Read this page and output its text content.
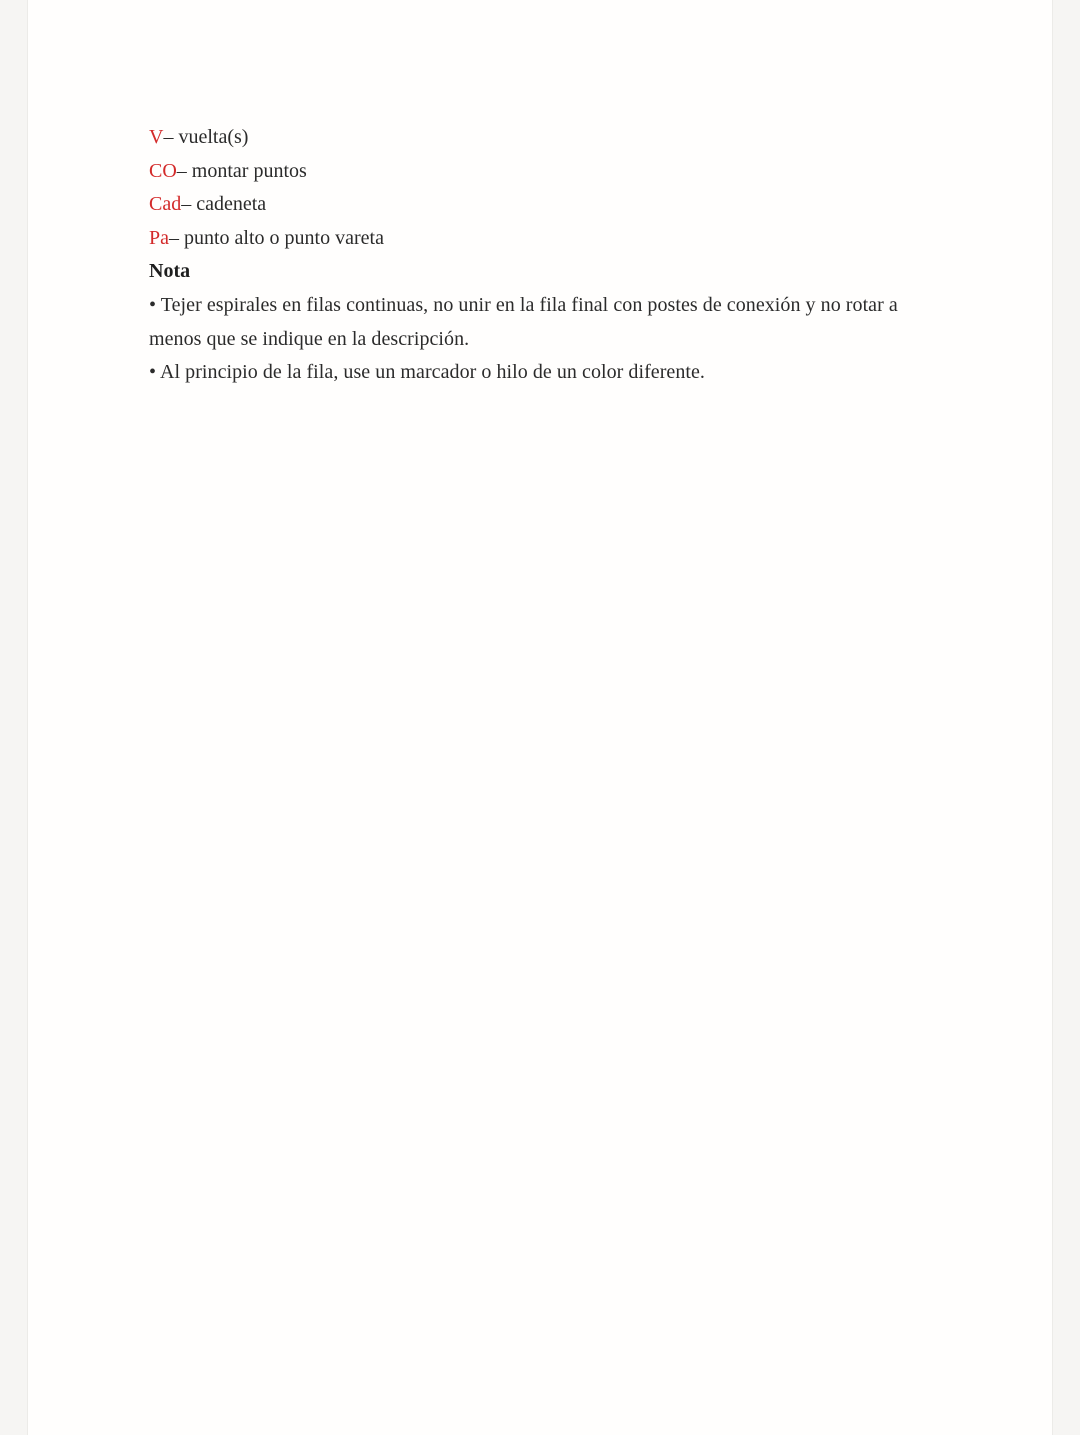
V– vuelta(s)

CO– montar puntos

Cad– cadeneta

Pa– punto alto o punto vareta

Nota

• Tejer espirales en filas continuas, no unir en la fila final con postes de conexión y no rotar a menos que se indique en la descripción.

• Al principio de la fila, use un marcador o hilo de un color diferente.
